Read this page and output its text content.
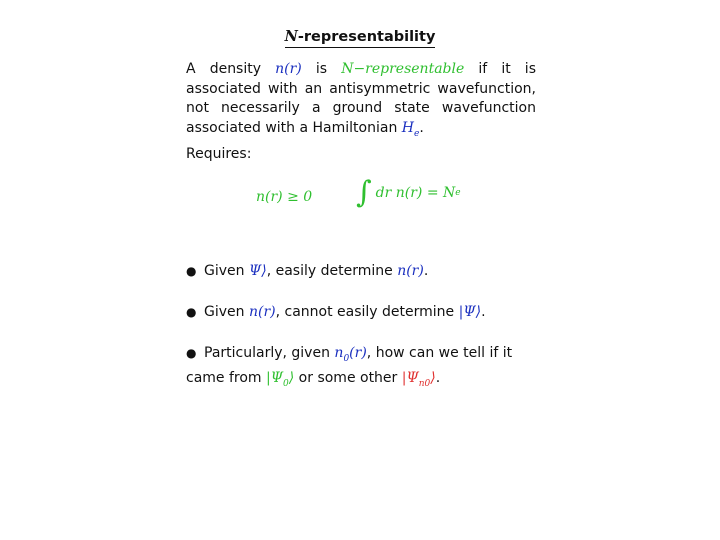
N-representability
A density n(r) is N−representable if it is associated with an antisymmetric wavefunction, not necessarily a ground state wavefunction associated with a Hamiltonian $H_e$.
Requires:
n(r) ≥ 0 ∫ dr
n(r) = N e
● Given Ψ⟩, easily determine n(r).
● Given n(r), cannot easily determine |Ψ⟩.
● Particularly, given $n_0(r)$, how can we tell if it came from $|\Psi_0⟩$ or some other $|\Psi_{n0}⟩$.
